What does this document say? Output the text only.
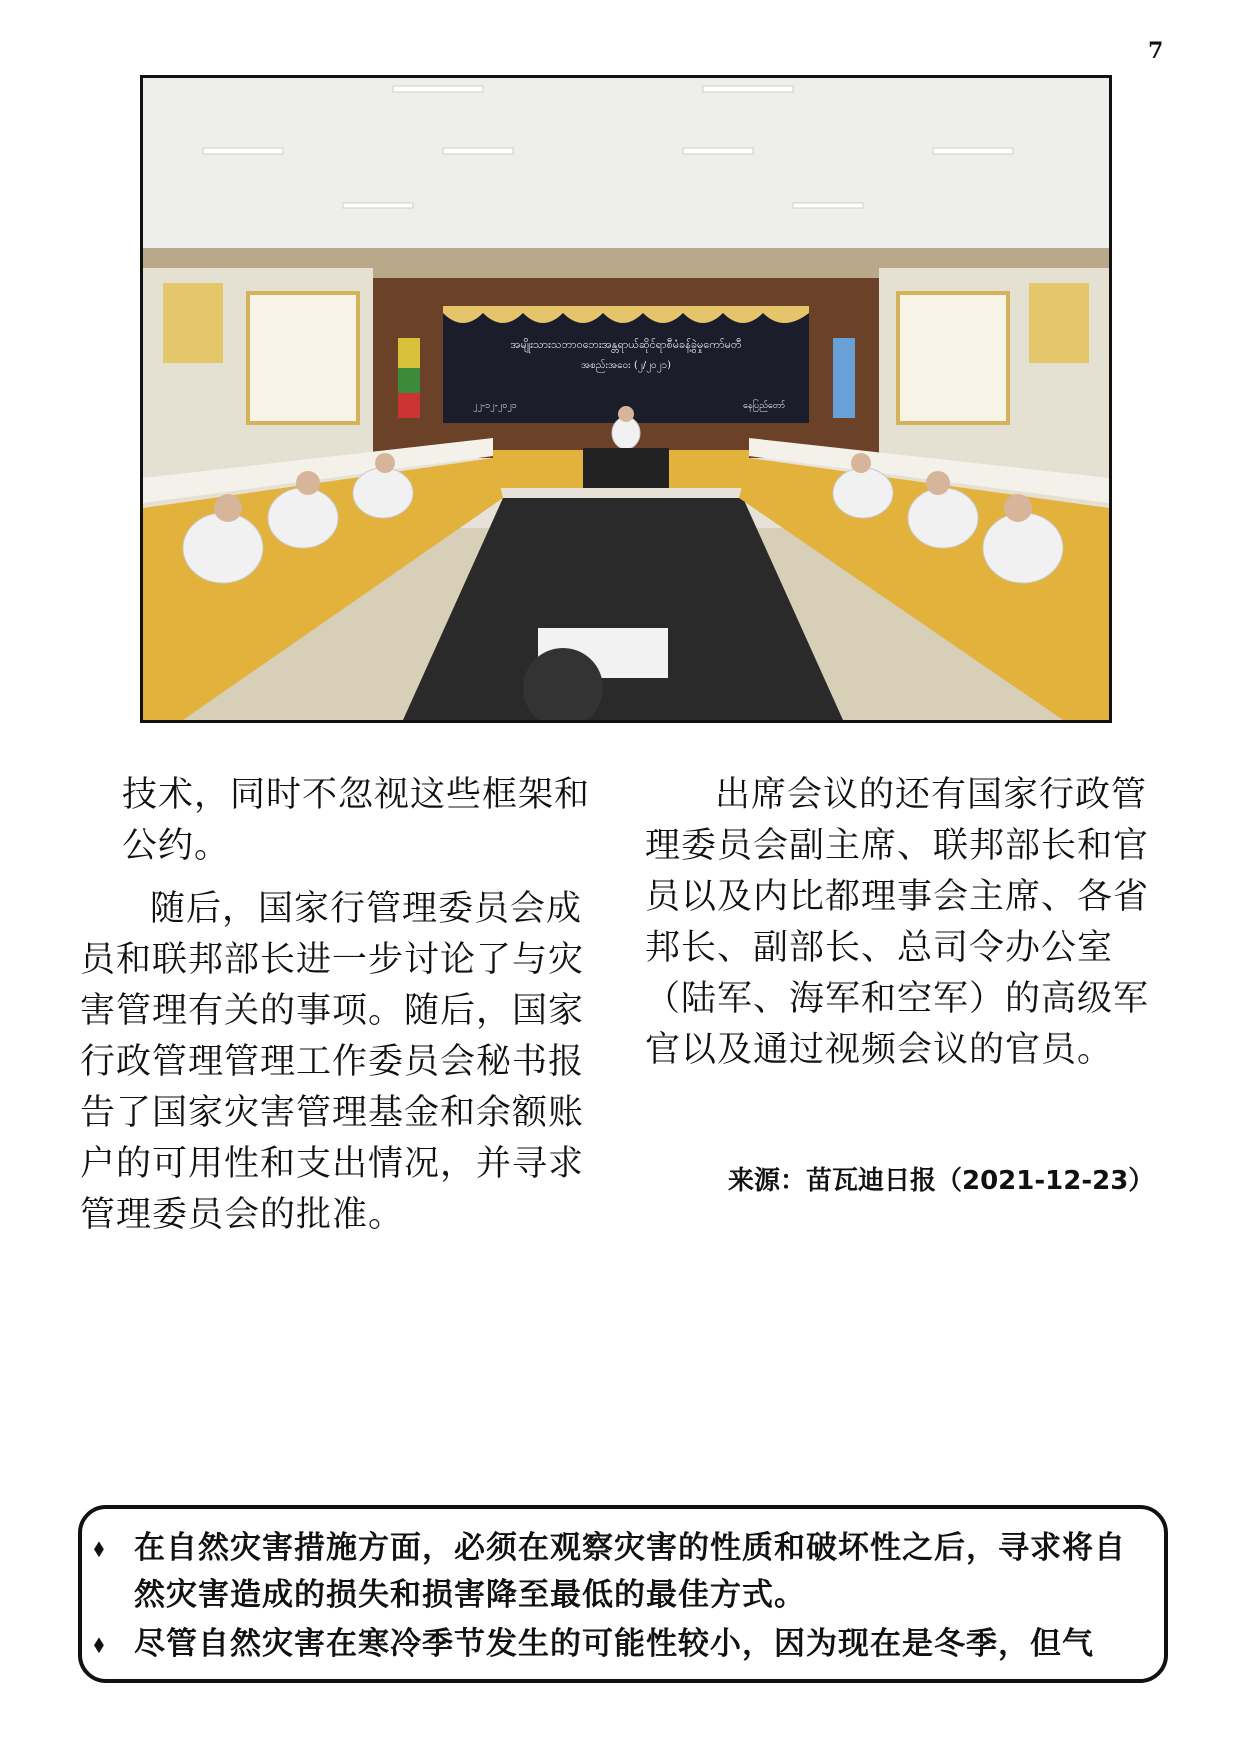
7
အမျိုးသားသဘာဝဘေးအန္တရာယ်ဆိုင်ရာစီမံခန့်ခွဲမှုကော်မတီ
အစည်းအဝေး (၂/၂၀၂၁)
၂၂-၁၂-၂၀၂၁	နေပြည်တော်

技术，同时不忽视这些框架和公约。

随后，国家行管理委员会成员和联邦部长进一步讨论了与灾害管理有关的事项。随后，国家行政管理管理工作委员会秘书报告了国家灾害管理基金和余额账户的可用性和支出情况，并寻求管理委员会的批准。

出席会议的还有国家行政管理委员会副主席、联邦部长和官员以及内比都理事会主席、各省邦长、副部长、总司令办公室（陆军、海军和空军）的高级军官以及通过视频会议的官员。

来源：苗瓦迪日报（2021-12-23）
⬧ 在自然灾害措施方面，必须在观察灾害的性质和破坏性之后，寻求将自然灾害造成的损失和损害降至最低的最佳方式。
⬧ 尽管自然灾害在寒冷季节发生的可能性较小，因为现在是冬季，但气
